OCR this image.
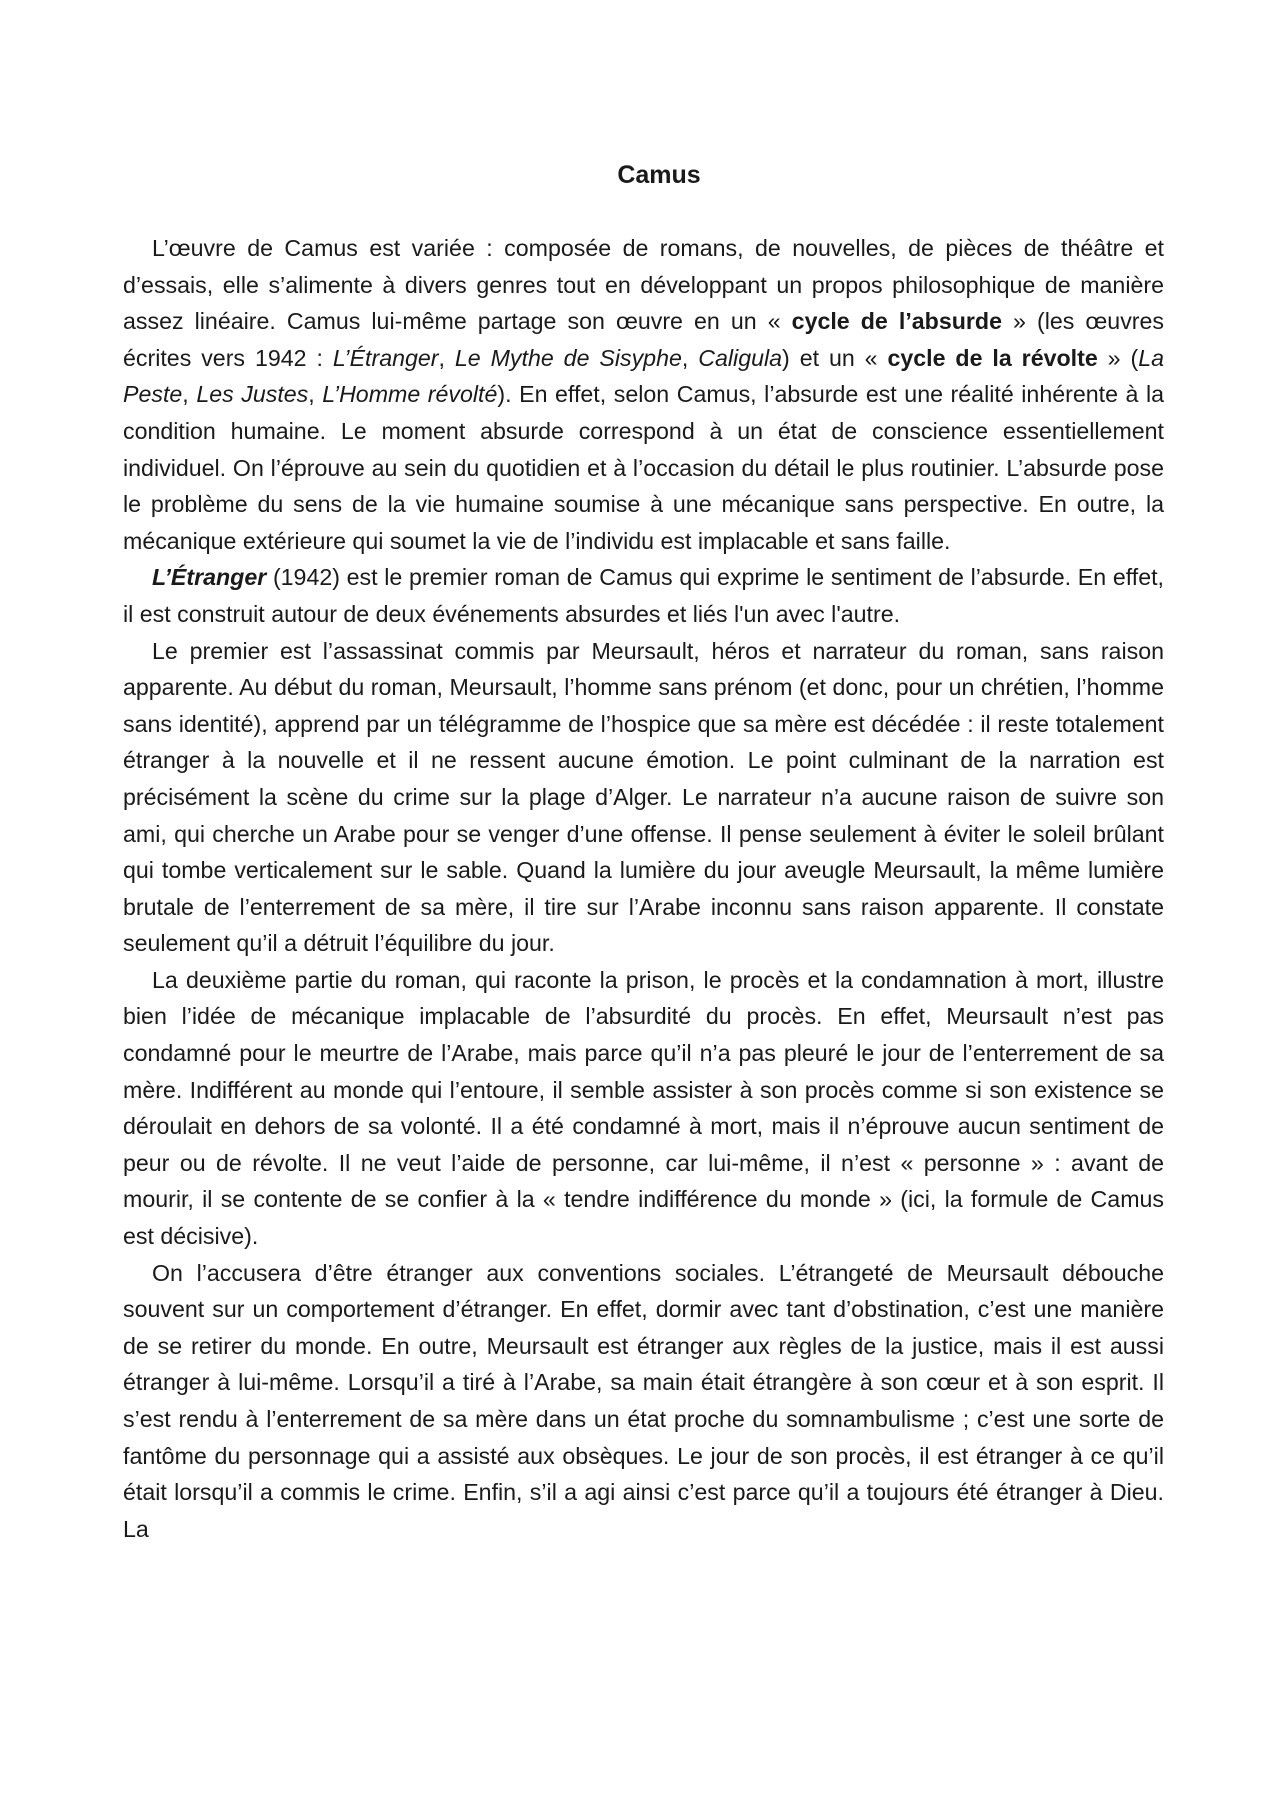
Camus

L’œuvre de Camus est variée : composée de romans, de nouvelles, de pièces de théâtre et d’essais, elle s’alimente à divers genres tout en développant un propos philosophique de manière assez linéaire. Camus lui-même partage son œuvre en un « cycle de l’absurde » (les œuvres écrites vers 1942 : L’Étranger, Le Mythe de Sisyphe, Caligula) et un « cycle de la révolte » (La Peste, Les Justes, L’Homme révolté). En effet, selon Camus, l’absurde est une réalité inhérente à la condition humaine. Le moment absurde correspond à un état de conscience essentiellement individuel. On l’éprouve au sein du quotidien et à l’occasion du détail le plus routinier. L’absurde pose le problème du sens de la vie humaine soumise à une mécanique sans perspective. En outre, la mécanique extérieure qui soumet la vie de l’individu est implacable et sans faille.

L’Étranger (1942) est le premier roman de Camus qui exprime le sentiment de l’absurde. En effet, il est construit autour de deux événements absurdes et liés l'un avec l'autre.

Le premier est l’assassinat commis par Meursault, héros et narrateur du roman, sans raison apparente. Au début du roman, Meursault, l’homme sans prénom (et donc, pour un chrétien, l’homme sans identité), apprend par un télégramme de l’hospice que sa mère est décédée : il reste totalement étranger à la nouvelle et il ne ressent aucune émotion. Le point culminant de la narration est précisément la scène du crime sur la plage d’Alger. Le narrateur n’a aucune raison de suivre son ami, qui cherche un Arabe pour se venger d’une offense. Il pense seulement à éviter le soleil brûlant qui tombe verticalement sur le sable. Quand la lumière du jour aveugle Meursault, la même lumière brutale de l’enterrement de sa mère, il tire sur l’Arabe inconnu sans raison apparente. Il constate seulement qu’il a détruit l’équilibre du jour.

La deuxième partie du roman, qui raconte la prison, le procès et la condamnation à mort, illustre bien l’idée de mécanique implacable de l’absurdité du procès. En effet, Meursault n’est pas condamné pour le meurtre de l’Arabe, mais parce qu’il n’a pas pleuré le jour de l’enterrement de sa mère. Indifférent au monde qui l’entoure, il semble assister à son procès comme si son existence se déroulait en dehors de sa volonté. Il a été condamné à mort, mais il n’éprouve aucun sentiment de peur ou de révolte. Il ne veut l’aide de personne, car lui-même, il n’est « personne » : avant de mourir, il se contente de se confier à la « tendre indifférence du monde » (ici, la formule de Camus est décisive).

On l’accusera d’être étranger aux conventions sociales. L’étrangeté de Meursault débouche souvent sur un comportement d’étranger. En effet, dormir avec tant d’obstination, c’est une manière de se retirer du monde. En outre, Meursault est étranger aux règles de la justice, mais il est aussi étranger à lui-même. Lorsqu’il a tiré à l’Arabe, sa main était étrangère à son cœur et à son esprit. Il s’est rendu à l’enterrement de sa mère dans un état proche du somnambulisme ; c’est une sorte de fantôme du personnage qui a assisté aux obsèques. Le jour de son procès, il est étranger à ce qu’il était lorsqu’il a commis le crime. Enfin, s’il a agi ainsi c’est parce qu’il a toujours été étranger à Dieu. La
